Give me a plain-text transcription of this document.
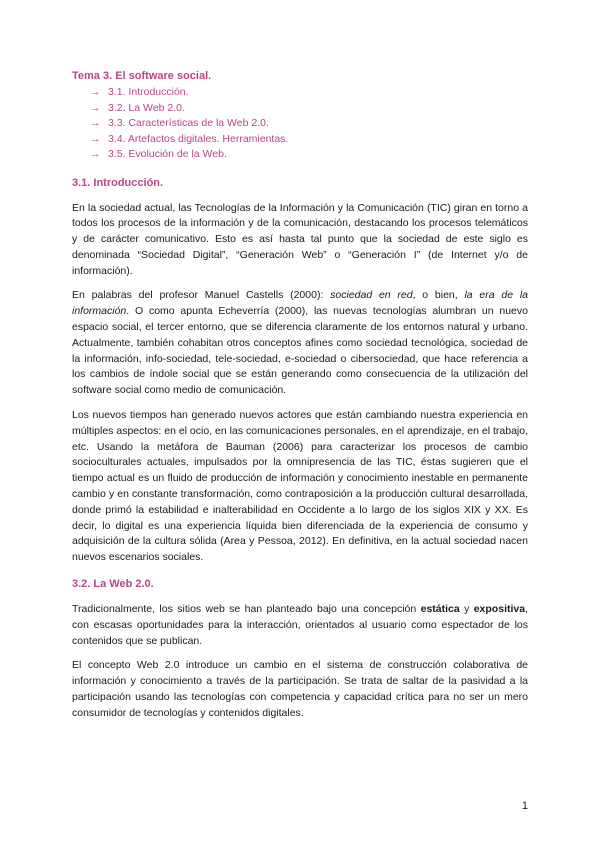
Tema 3. El software social.
→ 3.1. Introducción.
→ 3.2. La Web 2.0.
→ 3.3. Características de la Web 2.0.
→ 3.4. Artefactos digitales. Herramientas.
→ 3.5. Evolución de la Web.
3.1. Introducción.

En la sociedad actual, las Tecnologías de la Información y la Comunicación (TIC) giran en torno a todos los procesos de la información y de la comunicación, destacando los procesos telemáticos y de carácter comunicativo. Esto es así hasta tal punto que la sociedad de este siglo es denominada “Sociedad Digital”, “Generación Web” o “Generación I” (de Internet y/o de información).

En palabras del profesor Manuel Castells (2000): sociedad en red, o bien, la era de la información. O como apunta Echeverría (2000), las nuevas tecnologías alumbran un nuevo espacio social, el tercer entorno, que se diferencia claramente de los entornos natural y urbano. Actualmente, también cohabitan otros conceptos afines como sociedad tecnológica, sociedad de la información, info-sociedad, tele-sociedad, e-sociedad o cibersociedad, que hace referencia a los cambios de índole social que se están generando como consecuencia de la utilización del software social como medio de comunicación.

Los nuevos tiempos han generado nuevos actores que están cambiando nuestra experiencia en múltiples aspectos: en el ocio, en las comunicaciones personales, en el aprendizaje, en el trabajo, etc. Usando la metáfora de Bauman (2006) para caracterizar los procesos de cambio socioculturales actuales, impulsados por la omnipresencia de las TIC, éstas sugieren que el tiempo actual es un fluido de producción de información y conocimiento inestable en permanente cambio y en constante transformación, como contraposición a la producción cultural desarrollada, donde primó la estabilidad e inalterabilidad en Occidente a lo largo de los siglos XIX y XX. Es decir, lo digital es una experiencia líquida bien diferenciada de la experiencia de consumo y adquisición de la cultura sólida (Area y Pessoa, 2012). En definitiva, en la actual sociedad nacen nuevos escenarios sociales.

3.2. La Web 2.0.

Tradicionalmente, los sitios web se han planteado bajo una concepción estática y expositiva, con escasas oportunidades para la interacción, orientados al usuario como espectador de los contenidos que se publican.

El concepto Web 2.0 introduce un cambio en el sistema de construcción colaborativa de información y conocimiento a través de la participación. Se trata de saltar de la pasividad a la participación usando las tecnologías con competencia y capacidad crítica para no ser un mero consumidor de tecnologías y contenidos digitales.

1
